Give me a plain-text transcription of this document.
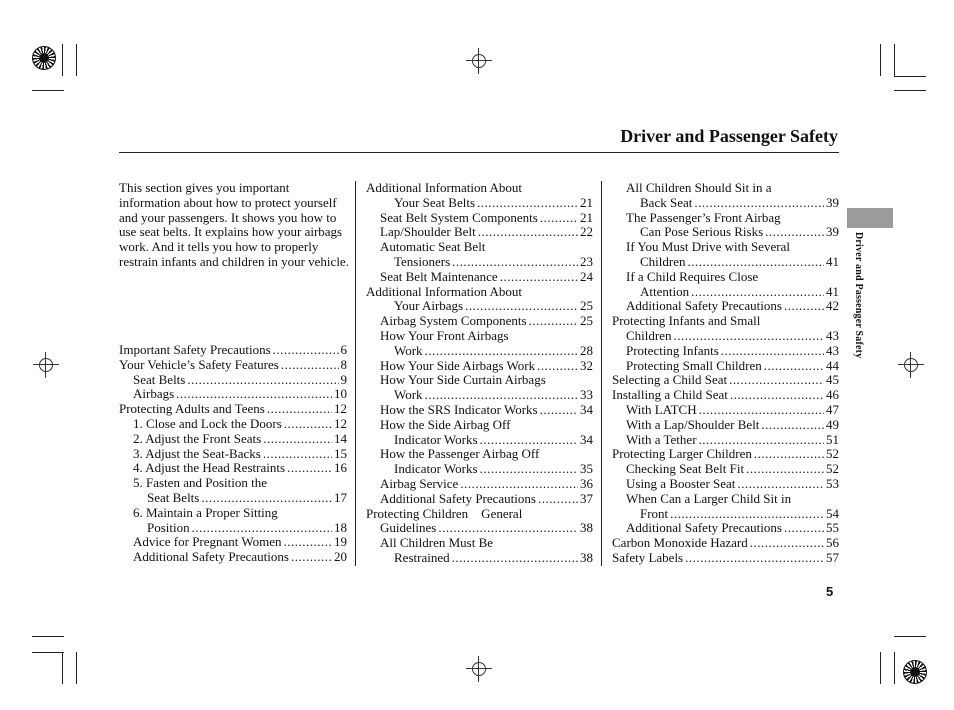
Driver and Passenger Safety
Driver and Passenger Safety

This section gives you important information about how to protect yourself and your passengers. It shows you how to use seat belts. It explains how your airbags work. And it tells you how to properly restrain infants and children in your vehicle.

Important Safety Precautions .....	6
Your Vehicle’s Safety Features .....	8
Seat Belts .....	9
Airbags .....	10
Protecting Adults and Teens .....	12
1. Close and Lock the Doors .....	12
2. Adjust the Front Seats .....	14
3. Adjust the Seat-Backs .....	15
4. Adjust the Head Restraints .....	16
5. Fasten and Position the
Seat Belts .....	17
6. Maintain a Proper Sitting
Position .....	18
Advice for Pregnant Women .....	19
Additional Safety Precautions .....	20
Additional Information About
Your Seat Belts .....	21
Seat Belt System Components .....	21
Lap/Shoulder Belt .....	22
Automatic Seat Belt
Tensioners .....	23
Seat Belt Maintenance .....	24
Additional Information About
Your Airbags .....	25
Airbag System Components .....	25
How Your Front Airbags
Work .....	28
How Your Side Airbags Work .....	32
How Your Side Curtain Airbags
Work .....	33
How the SRS Indicator Works .....	34
How the Side Airbag Off
Indicator Works .....	34
How the Passenger Airbag Off
Indicator Works .....	35
Airbag Service .....	36
Additional Safety Precautions .....	37
Protecting Children    General
Guidelines .....	38
All Children Must Be
Restrained .....	38
All Children Should Sit in a
Back Seat .....	39
The Passenger’s Front Airbag
Can Pose Serious Risks .....	39
If You Must Drive with Several
Children .....	41
If a Child Requires Close
Attention .....	41
Additional Safety Precautions .....	42
Protecting Infants and Small
Children .....	43
Protecting Infants .....	43
Protecting Small Children .....	44
Selecting a Child Seat .....	45
Installing a Child Seat .....	46
With LATCH .....	47
With a Lap/Shoulder Belt .....	49
With a Tether .....	51
Protecting Larger Children .....	52
Checking Seat Belt Fit .....	52
Using a Booster Seat .....	53
When Can a Larger Child Sit in
Front .....	54
Additional Safety Precautions .....	55
Carbon Monoxide Hazard .....	56
Safety Labels .....	57
5
